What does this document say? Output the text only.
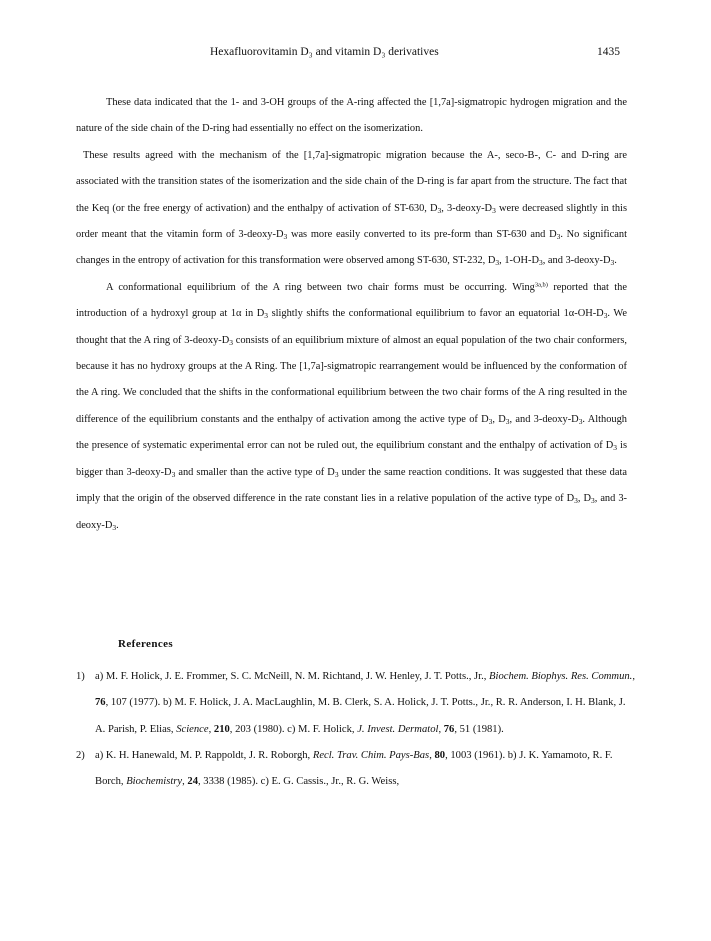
Hexafluorovitamin D₃ and vitamin D₃ derivatives	1435

These data indicated that the 1- and 3-OH groups of the A-ring affected the [1,7a]-sigmatropic hydrogen migration and the nature of the side chain of the D-ring had essentially no effect on the isomerization.

These results agreed with the mechanism of the [1,7a]-sigmatropic migration because the A-, seco-B-, C- and D-ring are associated with the transition states of the isomerization and the side chain of the D-ring is far apart from the structure. The fact that the Keq (or the free energy of activation) and the enthalpy of activation of ST-630, $D_3$, $3-deoxy-D_3$ were decreased slightly in this order meant that the vitamin form of $3-deoxy-D_3$ was more easily converted to its pre-form than ST-630 and $D_3$. No significant changes in the entropy of activation for this transformation were observed among ST-630, ST-232, $D_3$, $1-OH-D_3$, and $3-deoxy-D_3$.

A conformational equilibrium of the A ring between two chair forms must be occurring. Wing$^{3a,b)}$ reported that the introduction of a hydroxyl group at 1α in $D_3$ slightly shifts the conformational equilibrium to favor an equatorial $1\alpha-OH-D_3$. We thought that the A ring of $3-deoxy-D_3$ consists of an equilibrium mixture of almost an equal population of the two chair conformers, because it has no hydroxy groups at the A Ring. The [1,7a]-sigmatropic rearrangement would be influenced by the conformation of the A ring. We concluded that the shifts in the conformational equilibrium between the two chair forms of the A ring resulted in the difference of the equilibrium constants and the enthalpy of activation among the active type of $D_3$, $D_3$, and $3-deoxy-D_3$. Although the presence of systematic experimental error can not be ruled out, the equilibrium constant and the enthalpy of activation of $D_3$ is bigger than $3-deoxy-D_3$ and smaller than the active type of $D_3$ under the same reaction conditions. It was suggested that these data imply that the origin of the observed difference in the rate constant lies in a relative population of the active type of $D_3$, $D_3$, and $3-deoxy-D_3$.

References
1) a) M. F. Holick, J. E. Frommer, S. C. McNeill, N. M. Richtand, J. W. Henley, J. T. Potts., Jr., Biochem. Biophys. Res. Commun., 76, 107 (1977). b) M. F. Holick, J. A. MacLaughlin, M. B. Clerk, S. A. Holick, J. T. Potts., Jr., R. R. Anderson, I. H. Blank, J. A. Parish, P. Elias, Science, 210, 203 (1980). c) M. F. Holick, J. Invest. Dermatol, 76, 51 (1981).
2) a) K. H. Hanewald, M. P. Rappoldt, J. R. Roborgh, Recl. Trav. Chim. Pays-Bas, 80, 1003 (1961). b) J. K. Yamamoto, R. F. Borch, Biochemistry, 24, 3338 (1985). c) E. G. Cassis., Jr., R. G. Weiss,
